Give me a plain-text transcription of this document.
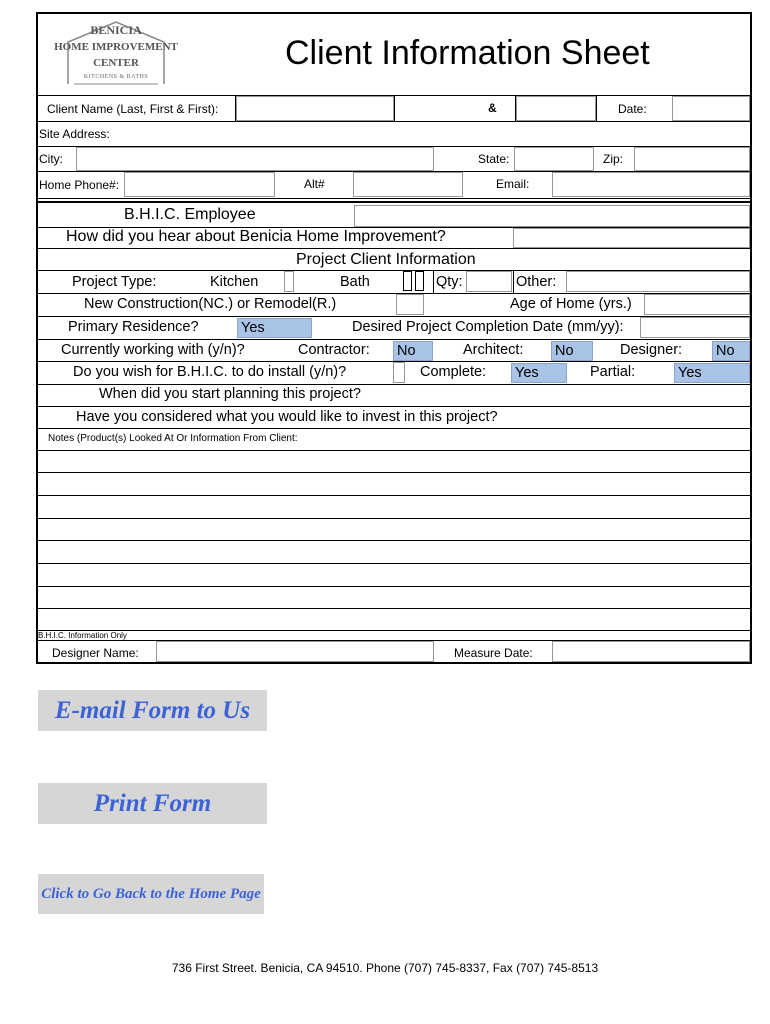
BENICIA
HOME IMPROVEMENT
CENTER
KITCHENS & BATHS
Client Information Sheet
Client Name (Last, First & First):	&	Date:
Site Address:
City:	State:	Zip:
Home Phone#:	Alt#	Email:
B.H.I.C. Employee
How did you hear about Benicia Home Improvement?
Project Client Information
Project Type:	Kitchen	Bath	Qty:	Other:
New Construction(NC.) or Remodel(R.)	Age of Home (yrs.)
Primary Residence?	Yes	Desired Project Completion Date (mm/yy):
Currently working with (y/n)?	Contractor: No	Architect: No	Designer: No
Do you wish for B.H.I.C. to do install (y/n)?	Complete: Yes	Partial:	Yes
When did you start planning this project?
Have you considered what you would like to invest in this project?
Notes (Product(s) Looked At Or Information From Client:
B.H.I.C. Information Only
Designer Name:	Measure Date:
E-mail Form to Us
Print Form
Click to Go Back to the Home Page
736 First Street. Benicia, CA 94510. Phone (707) 745-8337, Fax (707) 745-8513
